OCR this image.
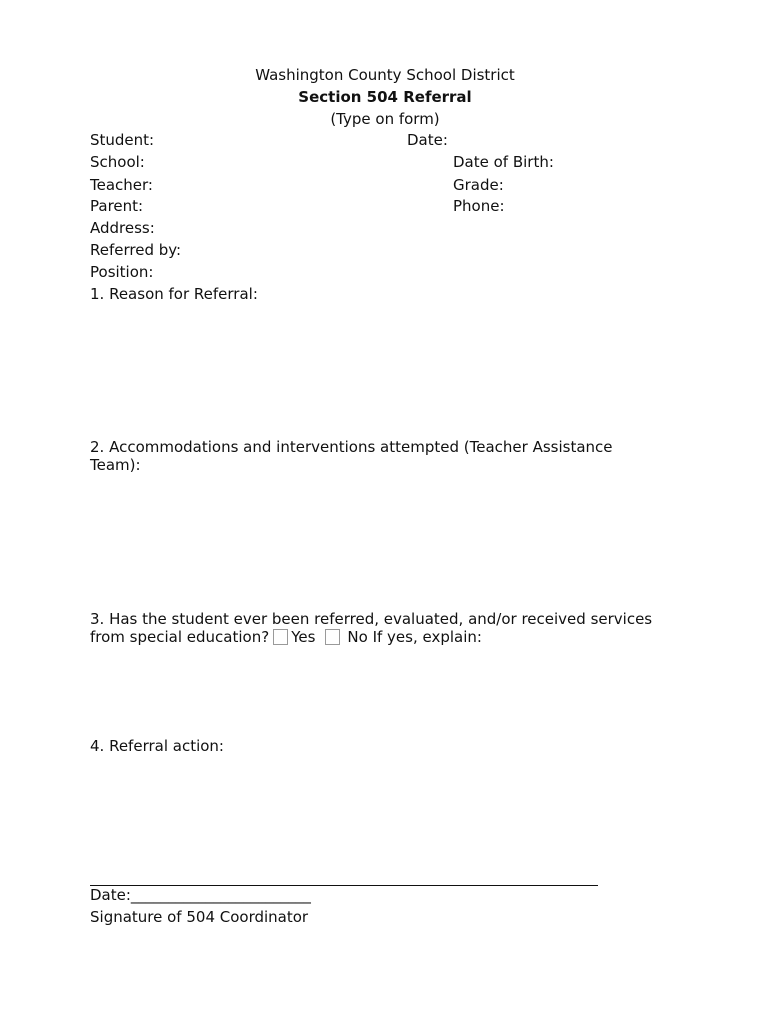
Washington County School District
Section 504 Referral
(Type on form)
Student:	Date:
School:	Date of Birth:
Teacher:	Grade:
Parent:	Phone:
Address:
Referred by:
Position:
1. Reason for Referral:
2. Accommodations and interventions attempted (Teacher Assistance
Team):
3. Has the student ever been referred, evaluated, and/or received services
from special education? Yes No If yes, explain:
4. Referral action:
Date:________________________
Signature of 504 Coordinator
